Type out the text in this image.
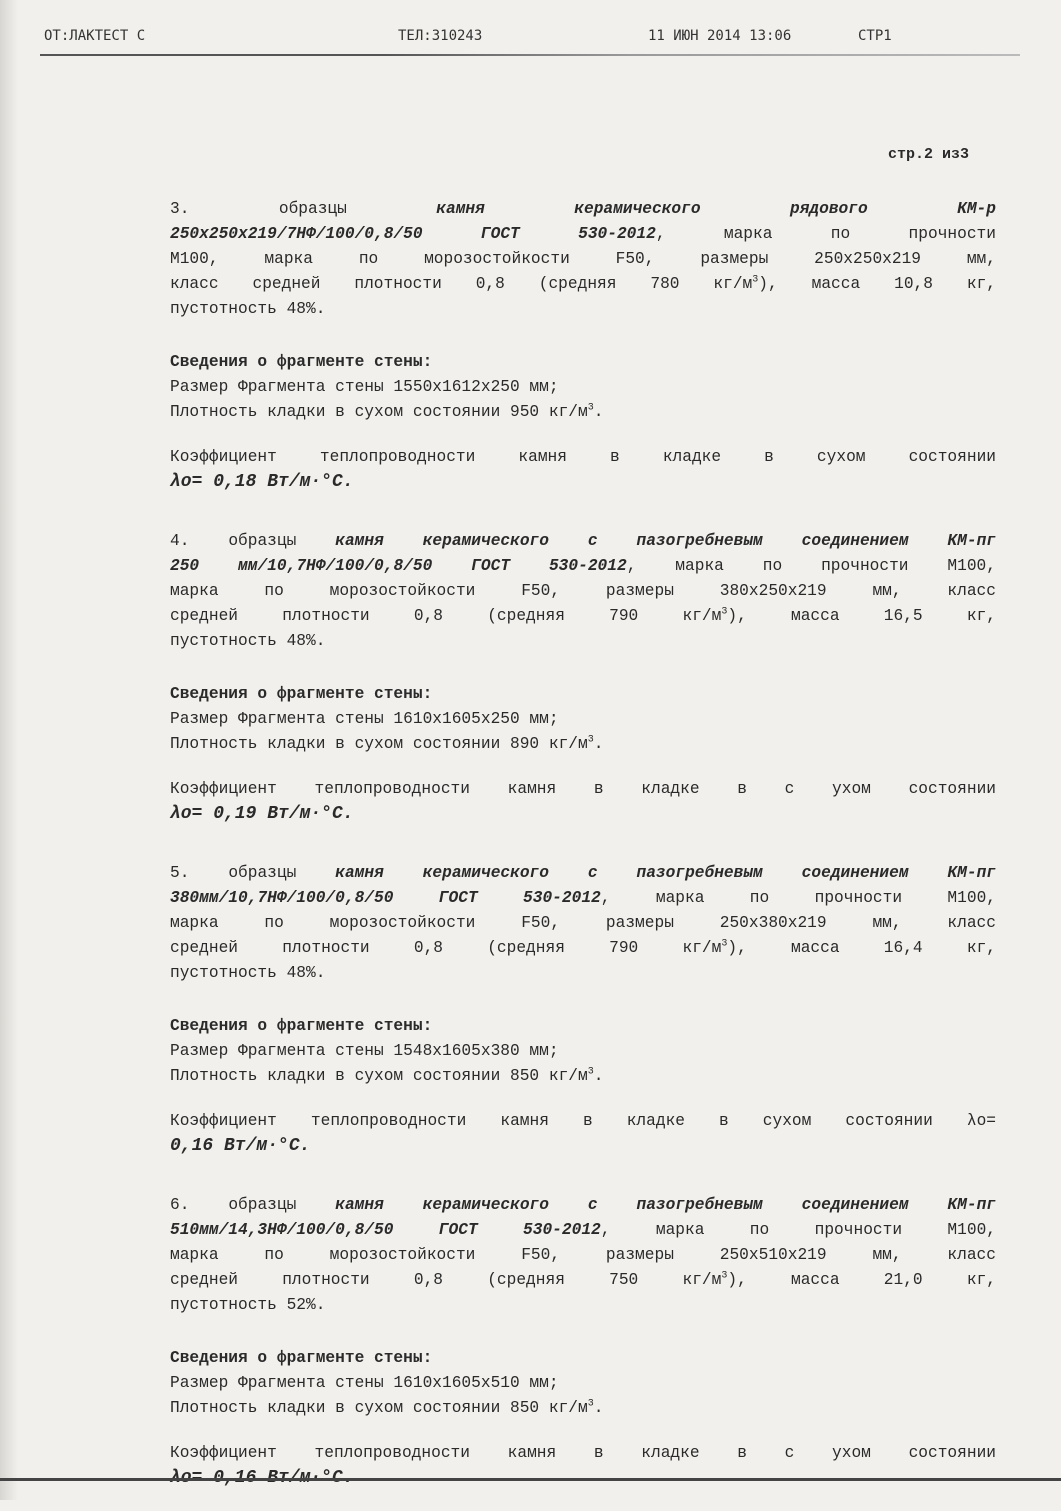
ОТ:ЛАКТЕСТ С	ТЕЛ:310243	11 ИЮН 2014 13:06	СТР1
стр.2 из3
3. образцы камня керамического рядового КМ-р
250x250x219/7НФ/100/0,8/50 ГОСТ 530-2012, марка по прочности
М100, марка по морозостойкости F50, размеры 250x250x219 мм,
класс средней плотности 0,8 (средняя 780 $кг/м^3$), масса 10,8 кг,
пустотность 48%.
Сведения о фрагменте стены:
Размер Фрагмента стены 1550x1612x250 мм;
Плотность кладки в сухом состоянии 950 $кг/м^3$.
Коэффициент теплопроводности камня в кладке в сухом состоянии
λо= 0,18 Вт/м·°С.
4. образцы камня керамического с пазогребневым соединением КМ-пг
250 мм/10,7НФ/100/0,8/50 ГОСТ 530-2012, марка по прочности М100,
марка по морозостойкости F50, размеры 380x250x219 мм, класс
средней плотности 0,8 (средняя 790 $кг/м^3$), масса 16,5 кг,
пустотность 48%.
Сведения о фрагменте стены:
Размер Фрагмента стены 1610x1605x250 мм;
Плотность кладки в сухом состоянии 890 $кг/м^3$.
Коэффициент теплопроводности камня в кладке в с ухом состоянии
λо= 0,19 Вт/м·°С.
5. образцы камня керамического с пазогребневым соединением КМ-пг
380мм/10,7НФ/100/0,8/50 ГОСТ 530-2012, марка по прочности М100,
марка по морозостойкости F50, размеры 250x380x219 мм, класс
средней плотности 0,8 (средняя 790 $кг/м^3$), масса 16,4 кг,
пустотность 48%.
Сведения о фрагменте стены:
Размер Фрагмента стены 1548x1605x380 мм;
Плотность кладки в сухом состоянии 850 $кг/м^3$.
Коэффициент теплопроводности камня в кладке в сухом состоянии λо=
0,16 Вт/м·°С.
6. образцы камня керамического с пазогребневым соединением КМ-пг
510мм/14,3НФ/100/0,8/50 ГОСТ 530-2012, марка по прочности М100,
марка по морозостойкости F50, размеры 250x510x219 мм, класс
средней плотности 0,8 (средняя 750 $кг/м^3$), масса 21,0 кг,
пустотность 52%.
Сведения о фрагменте стены:
Размер Фрагмента стены 1610x1605x510 мм;
Плотность кладки в сухом состоянии 850 $кг/м^3$.
Коэффициент теплопроводности камня в кладке в с ухом состоянии
